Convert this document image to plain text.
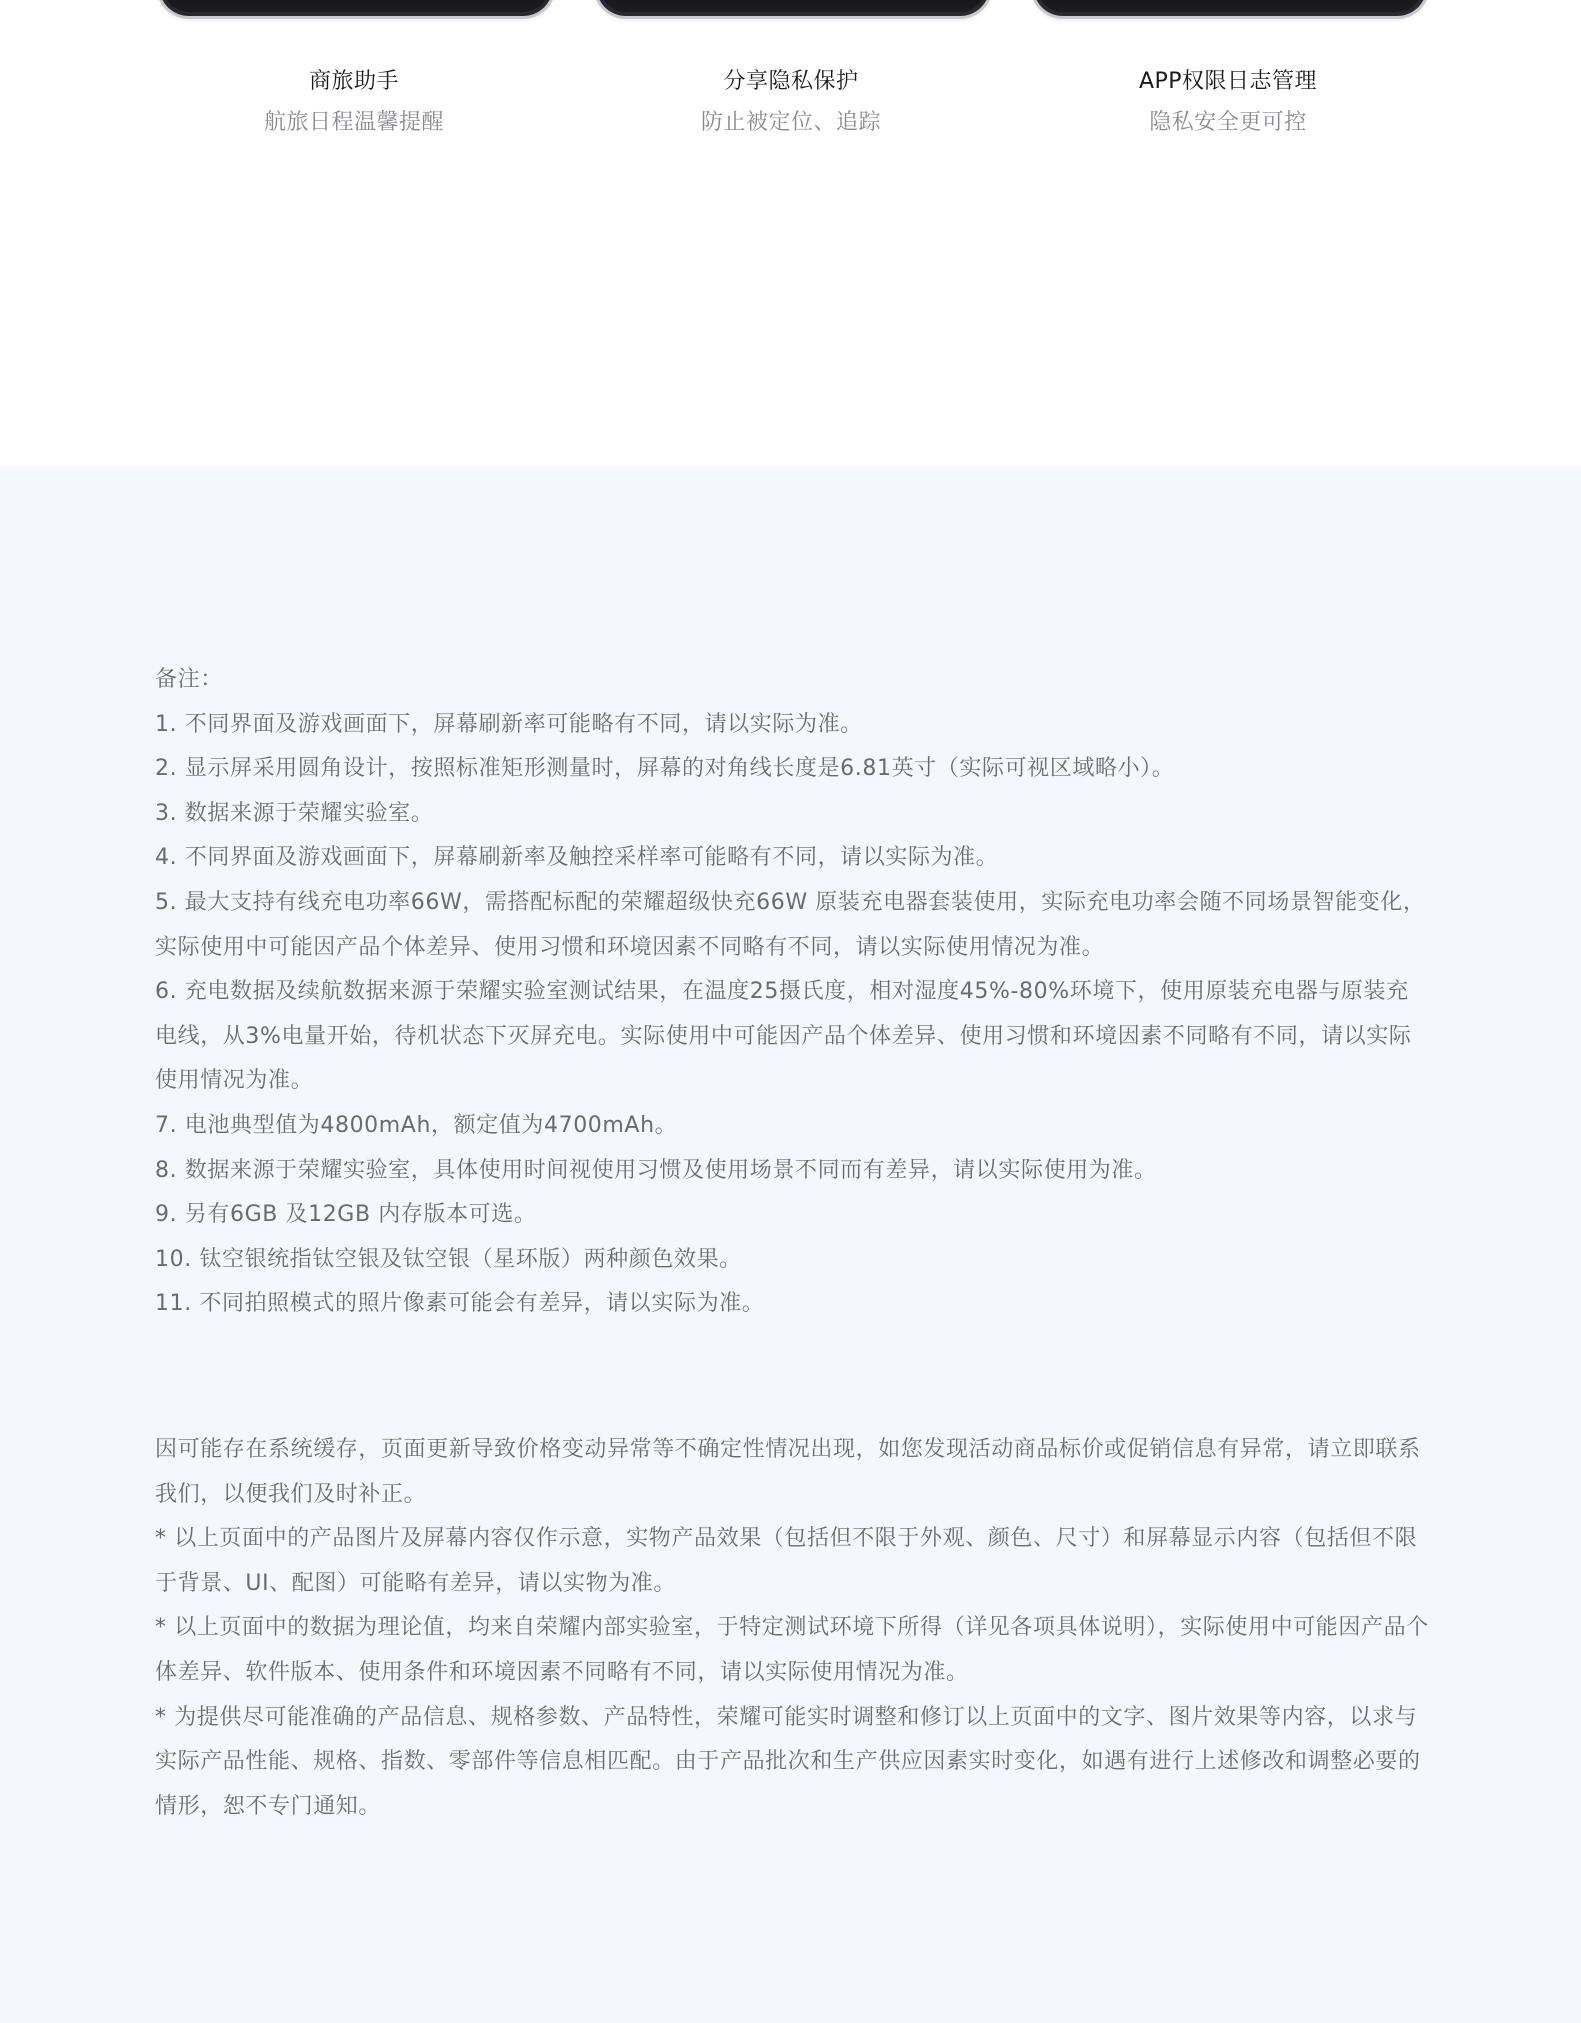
商旅助手
航旅日程温馨提醒
分享隐私保护
防止被定位、追踪
APP权限日志管理
隐私安全更可控

备注：

1. 不同界面及游戏画面下，屏幕刷新率可能略有不同，请以实际为准。

2. 显示屏采用圆角设计，按照标准矩形测量时，屏幕的对角线长度是6.81英寸（实际可视区域略小）。

3. 数据来源于荣耀实验室。

4. 不同界面及游戏画面下，屏幕刷新率及触控采样率可能略有不同，请以实际为准。

5. 最大支持有线充电功率66W，需搭配标配的荣耀超级快充66W 原装充电器套装使用，实际充电功率会随不同场景智能变化，实际使用中可能因产品个体差异、使用习惯和环境因素不同略有不同，请以实际使用情况为准。

6. 充电数据及续航数据来源于荣耀实验室测试结果，在温度25摄氏度，相对湿度45%-80%环境下，使用原装充电器与原装充电线，从3%电量开始，待机状态下灭屏充电。实际使用中可能因产品个体差异、使用习惯和环境因素不同略有不同，请以实际使用情况为准。

7. 电池典型值为4800mAh，额定值为4700mAh。

8. 数据来源于荣耀实验室，具体使用时间视使用习惯及使用场景不同而有差异，请以实际使用为准。

9. 另有6GB 及12GB 内存版本可选。

10. 钛空银统指钛空银及钛空银（星环版）两种颜色效果。

11. 不同拍照模式的照片像素可能会有差异，请以实际为准。

因可能存在系统缓存，页面更新导致价格变动异常等不确定性情况出现，如您发现活动商品标价或促销信息有异常，请立即联系我们，以便我们及时补正。

* 以上页面中的产品图片及屏幕内容仅作示意，实物产品效果（包括但不限于外观、颜色、尺寸）和屏幕显示内容（包括但不限于背景、UI、配图）可能略有差异，请以实物为准。

* 以上页面中的数据为理论值，均来自荣耀内部实验室，于特定测试环境下所得（详见各项具体说明），实际使用中可能因产品个体差异、软件版本、使用条件和环境因素不同略有不同，请以实际使用情况为准。

* 为提供尽可能准确的产品信息、规格参数、产品特性，荣耀可能实时调整和修订以上页面中的文字、图片效果等内容，以求与实际产品性能、规格、指数、零部件等信息相匹配。由于产品批次和生产供应因素实时变化，如遇有进行上述修改和调整必要的情形，恕不专门通知。
